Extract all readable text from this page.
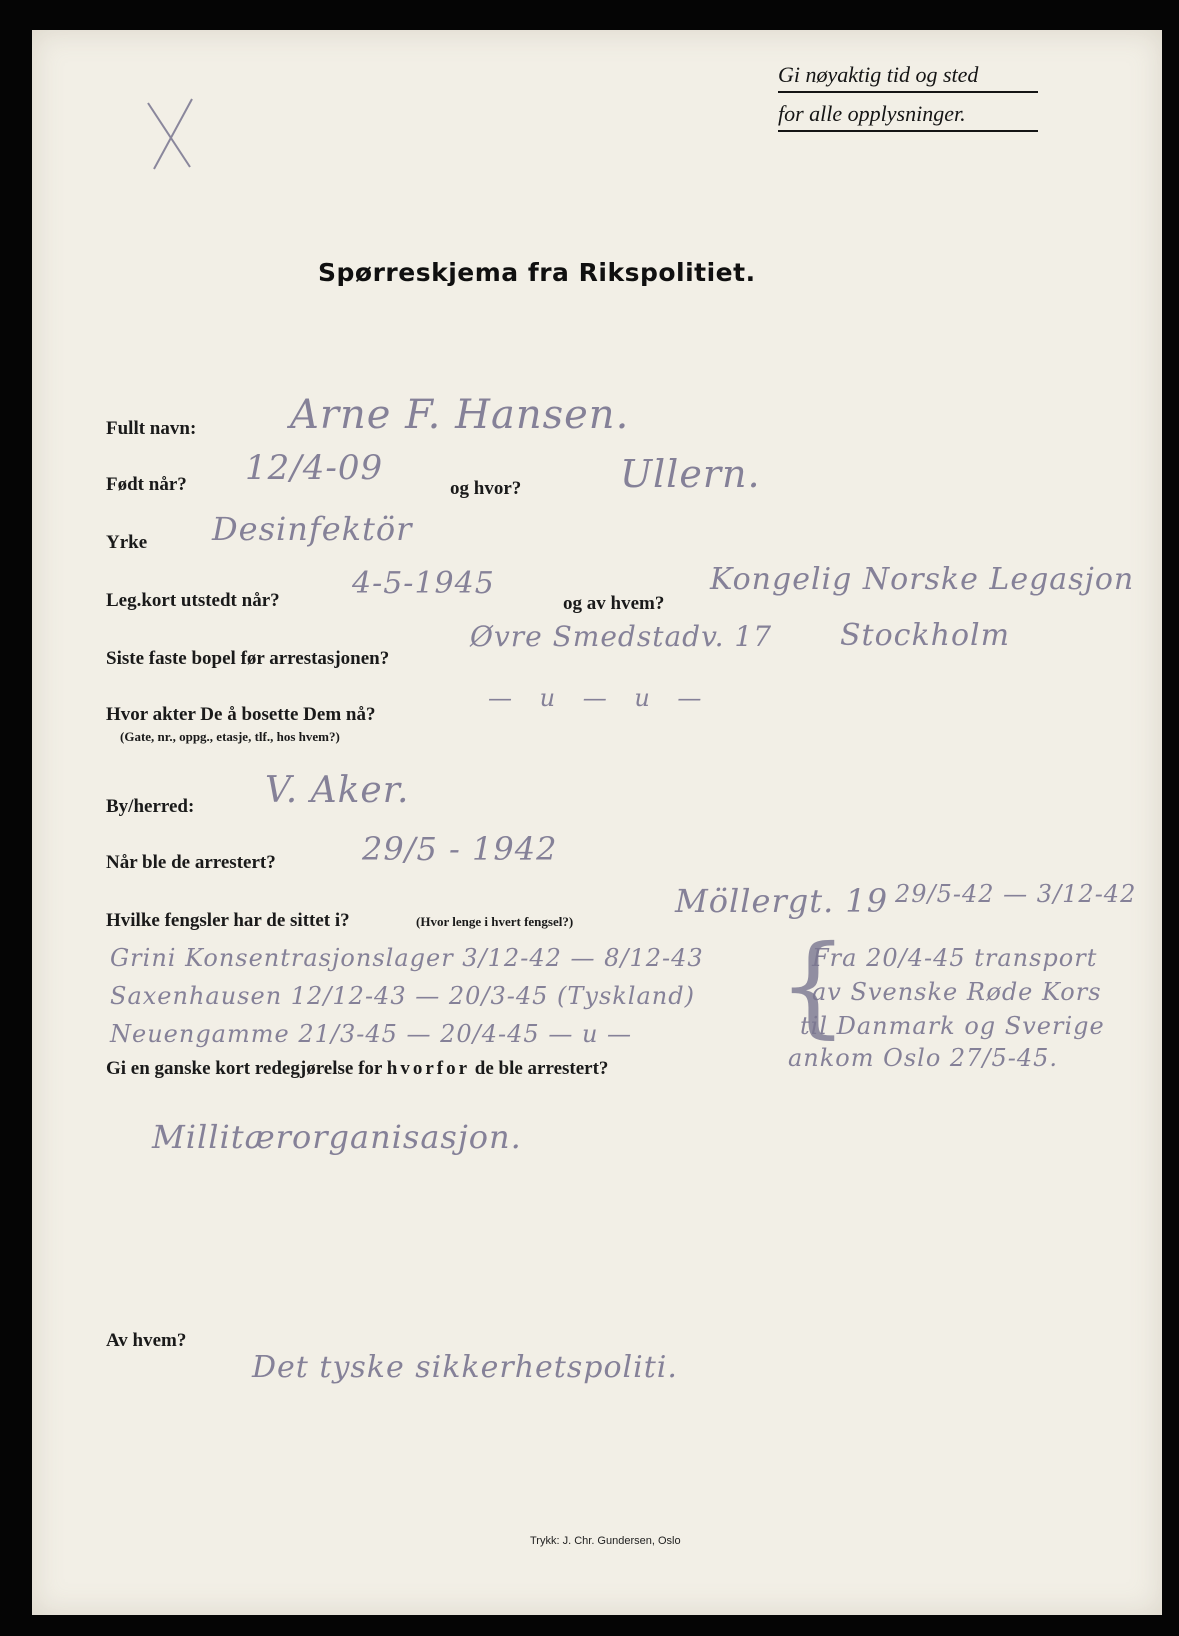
Gi nøyaktig tid og sted
for alle opplysninger.
Spørreskjema fra Rikspolitiet.
Fullt navn: Arne F. Hansen.
Født når? 12/4-09
og hvor?	Ullern.
Yrke Desinfektör
Leg.kort utstedt når? 4-5-1945
og av hvem?
Kongelig Norske Legasjon
Stockholm
Siste faste bopel før arrestasjonen?
Øvre Smedstadv. 17
Hvor akter De å bosette Dem nå?
(Gate, nr., oppg., etasje, tlf., hos hvem?)
— u — u —
By/herred: V. Aker.
Når ble de arrestert?	29/5 - 1942
Hvilke fengsler har de sittet i?	(Hvor lenge i hvert fengsel?)
Möllergt. 19 29/5-42 — 3/12-42
Grini Konsentrasjonslager 3/12-42 — 8/12-43
Saxenhausen 12/12-43 — 20/3-45 (Tyskland)
Neuengamme 21/3-45 — 20/4-45 — u — {
Fra 20/4-45 transport
av Svenske Røde Kors
til Danmark og Sverige
ankom Oslo 27/5-45.
Gi en ganske kort redegjørelse for hvorfor de ble arrestert?
Millitærorganisasjon.
Av hvem?
Det tyske sikkerhetspoliti.
Trykk: J. Chr. Gundersen, Oslo
